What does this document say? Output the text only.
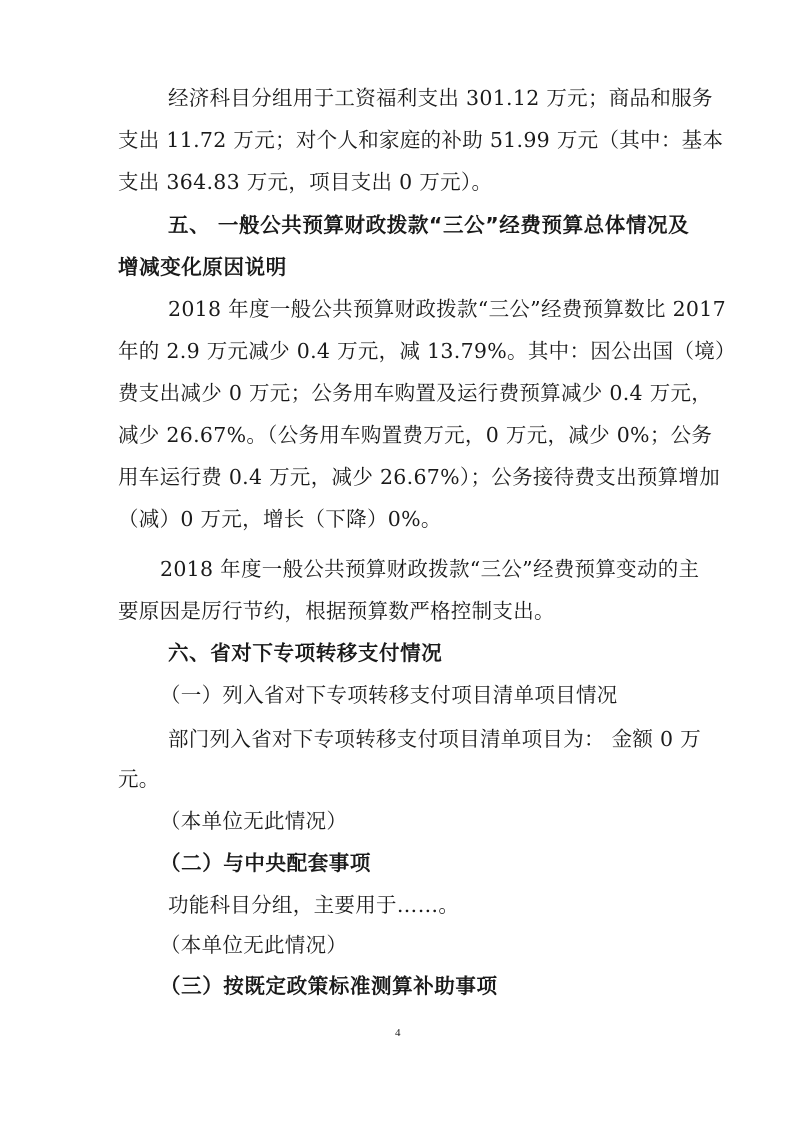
经济科目分组用于工资福利支出 301.12 万元；商品和服务
支出 11.72 万元；对个人和家庭的补助 51.99 万元（其中：基本
支出 364.83 万元，项目支出 0 万元）。
五、 一般公共预算财政拨款“三公”经费预算总体情况及
增减变化原因说明
2018 年度一般公共预算财政拨款“三公”经费预算数比 2017
年的 2.9 万元减少 0.4 万元，减 13.79%。其中：因公出国（境）
费支出减少 0 万元；公务用车购置及运行费预算减少 0.4 万元，
减少 26.67%。（公务用车购置费万元，0 万元，减少 0%；公务
用车运行费 0.4 万元，减少 26.67%）；公务接待费支出预算增加
（减）0 万元，增长（下降）0%。
2018 年度一般公共预算财政拨款“三公”经费预算变动的主
要原因是厉行节约，根据预算数严格控制支出。
六、省对下专项转移支付情况
（一）列入省对下专项转移支付项目清单项目情况
部门列入省对下专项转移支付项目清单项目为： 金额 0 万
元。
（本单位无此情况）
（二）与中央配套事项
功能科目分组，主要用于……。
（本单位无此情况）
（三）按既定政策标准测算补助事项
4
